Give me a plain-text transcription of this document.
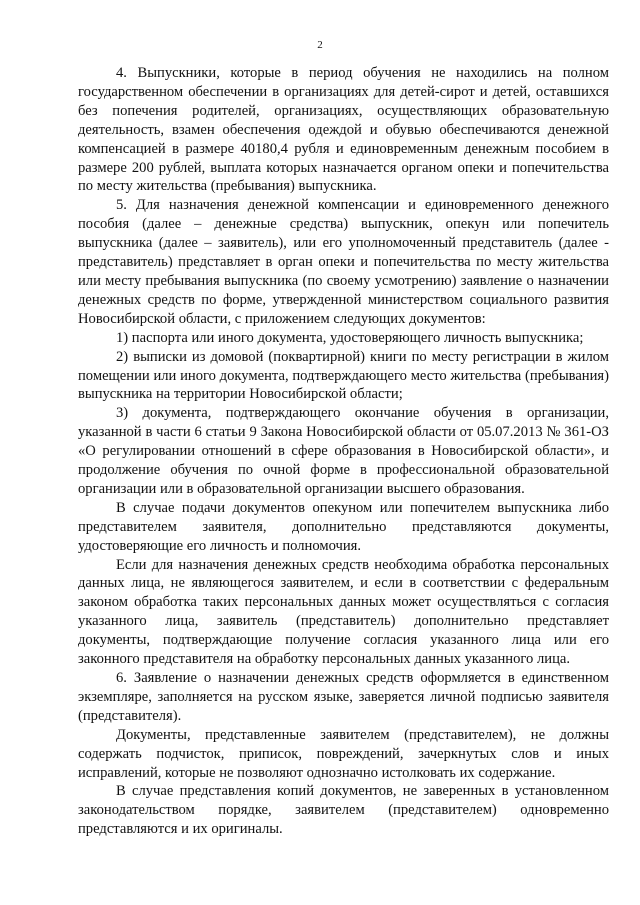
2

4. Выпускники, которые в период обучения не находились на полном государственном обеспечении в организациях для детей-сирот и детей, оставшихся без попечения родителей, организациях, осуществляющих образовательную деятельность, взамен обеспечения одеждой и обувью обеспечиваются денежной компенсацией в размере 40180,4 рубля и единовременным денежным пособием в размере 200 рублей, выплата которых назначается органом опеки и попечительства по месту жительства (пребывания) выпускника.

5. Для назначения денежной компенсации и единовременного денежного пособия (далее – денежные средства) выпускник, опекун или попечитель выпускника (далее – заявитель), или его уполномоченный представитель (далее - представитель) представляет в орган опеки и попечительства по месту жительства или месту пребывания выпускника (по своему усмотрению) заявление о назначении денежных средств по форме, утвержденной министерством социального развития Новосибирской области, с приложением следующих документов:

1) паспорта или иного документа, удостоверяющего личность выпускника;

2) выписки из домовой (поквартирной) книги по месту регистрации в жилом помещении или иного документа, подтверждающего место жительства (пребывания) выпускника на территории Новосибирской области;

3) документа, подтверждающего окончание обучения в организации, указанной в части 6 статьи 9 Закона Новосибирской области от 05.07.2013 № 361-ОЗ «О регулировании отношений в сфере образования в Новосибирской области», и продолжение обучения по очной форме в профессиональной образовательной организации или в образовательной организации высшего образования.

В случае подачи документов опекуном или попечителем выпускника либо представителем заявителя, дополнительно представляются документы, удостоверяющие его личность и полномочия.

Если для назначения денежных средств необходима обработка персональных данных лица, не являющегося заявителем, и если в соответствии с федеральным законом обработка таких персональных данных может осуществляться с согласия указанного лица, заявитель (представитель) дополнительно представляет документы, подтверждающие получение согласия указанного лица или его законного представителя на обработку персональных данных указанного лица.

6. Заявление о назначении денежных средств оформляется в единственном экземпляре, заполняется на русском языке, заверяется личной подписью заявителя (представителя).

Документы, представленные заявителем (представителем), не должны содержать подчисток, приписок, повреждений, зачеркнутых слов и иных исправлений, которые не позволяют однозначно истолковать их содержание.

В случае представления копий документов, не заверенных в установленном законодательством порядке, заявителем (представителем) одновременно представляются и их оригиналы.
